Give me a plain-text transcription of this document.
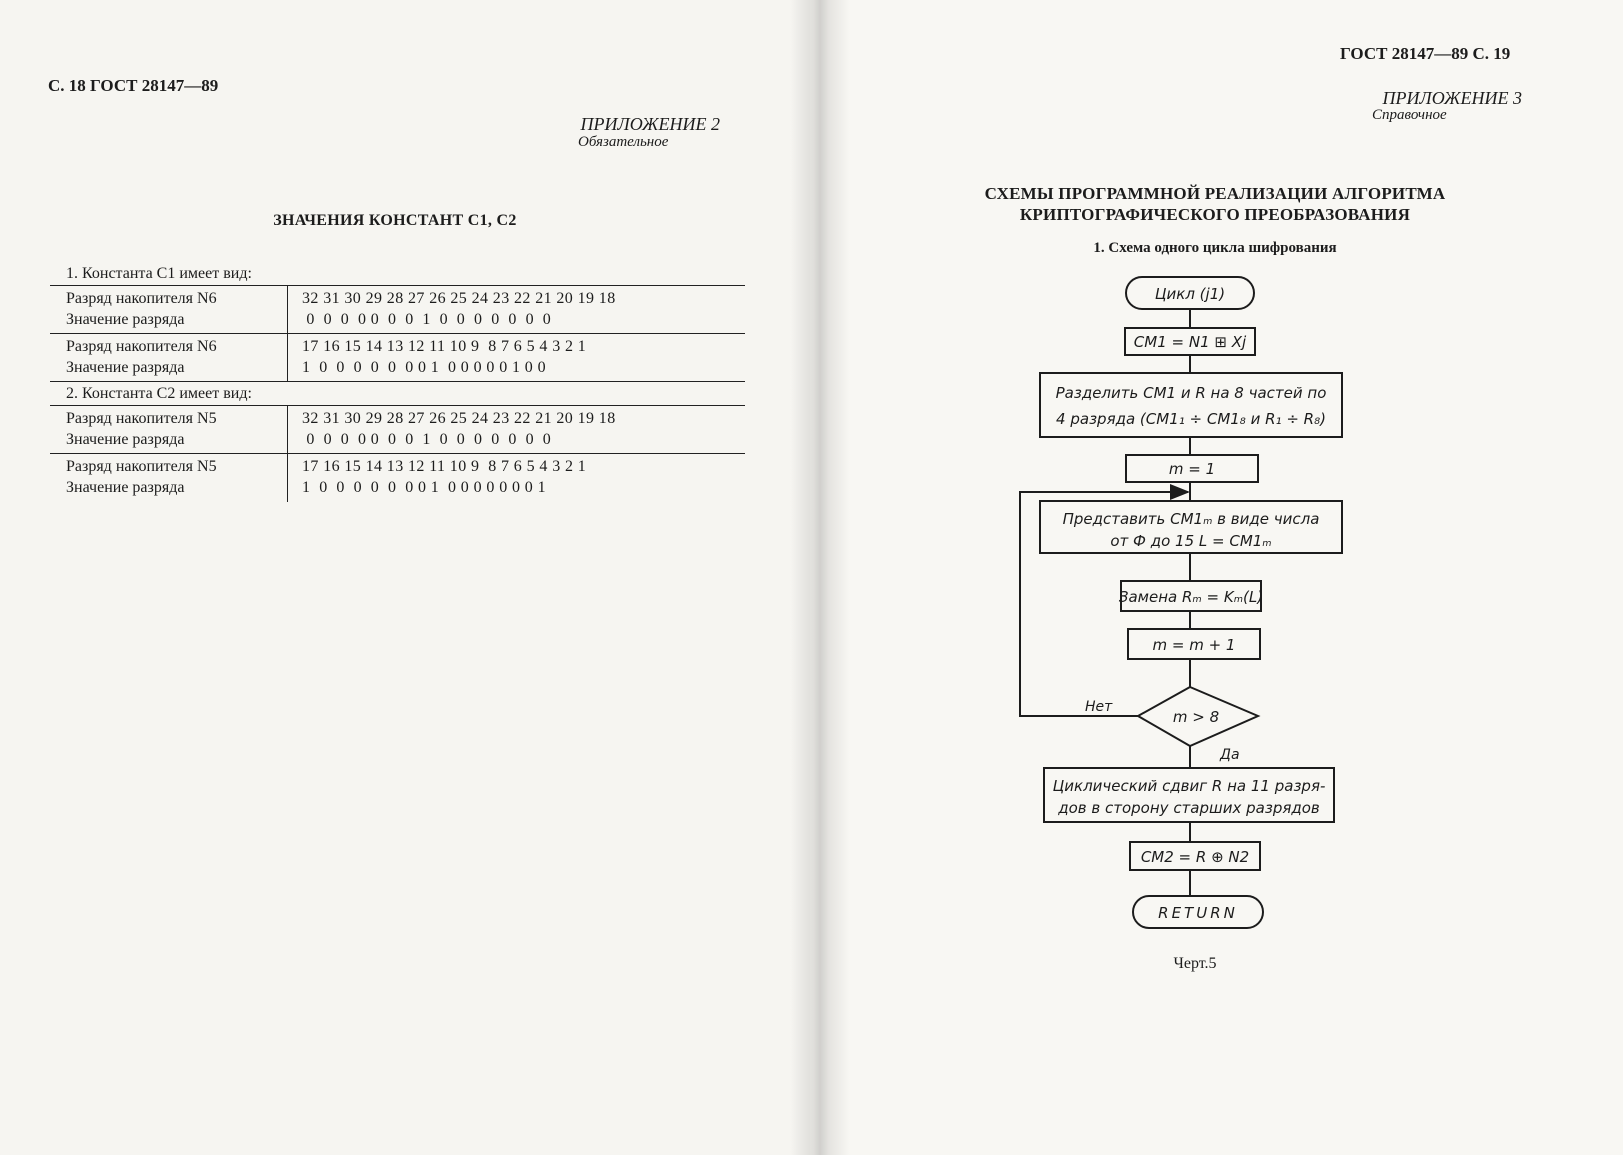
С. 18 ГОСТ 28147—89
ПРИЛОЖЕНИЕ 2
Обязательное
ЗНАЧЕНИЯ КОНСТАНТ С1, С2
1. Константа С1 имеет вид:
Разряд накопителя N6
Значение разряда
32 31 30 29 28 27 26 25 24 23 22 21 20 19 18
0  0  0  0 0  0  0  1  0  0  0  0  0  0  0
Разряд накопителя N6
Значение разряда
17 16 15 14 13 12 11 10 9  8 7 6 5 4 3 2 1
1  0  0  0  0  0  0 0 1  0 0 0 0 0 1 0 0
2. Константа С2 имеет вид:
Разряд накопителя N5
Значение разряда
32 31 30 29 28 27 26 25 24 23 22 21 20 19 18
0  0  0  0 0  0  0  1  0  0  0  0  0  0  0
Разряд накопителя N5
Значение разряда
17 16 15 14 13 12 11 10 9  8 7 6 5 4 3 2 1
1  0  0  0  0  0  0 0 1  0 0 0 0 0 0 0 1
ГОСТ 28147—89 С. 19
ПРИЛОЖЕНИЕ 3
Справочное
СХЕМЫ ПРОГРАММНОЙ РЕАЛИЗАЦИИ АЛГОРИТМА
КРИПТОГРАФИЧЕСКОГО ПРЕОБРАЗОВАНИЯ
1. Схема одного цикла шифрования
Цикл (j1)
CM1 = N1 ⊞ Xj
Разделить CM1 и R на 8 частей по
4 разряда (CM1₁ ÷ CM1₈ и R₁ ÷ R₈)
m = 1
Представить CM1ₘ в виде числа
от Ф до 15 L = CM1ₘ
Замена Rₘ = Kₘ(L)
m = m + 1
m > 8
Нет
Да
Циклический сдвиг R на 11 разря-
дов в сторону старших разрядов
CM2 = R ⊕ N2
RETURN
Черт.5
